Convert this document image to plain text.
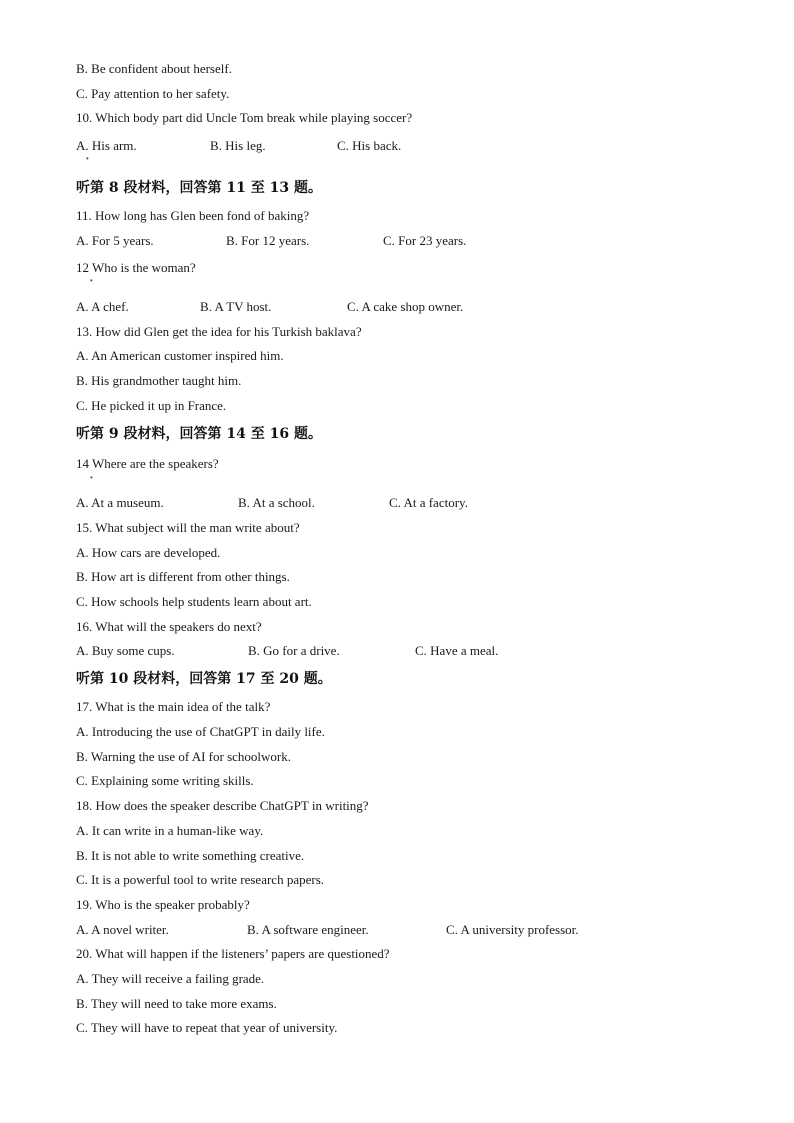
B. Be confident about herself.
C. Pay attention to her safety.
10. Which body part did Uncle Tom break while playing soccer?
A. His arm.	B. His leg.	C. His back.
•
听第 8 段材料，回答第 11 至 13 题。
11. How long has Glen been fond of baking?
A. For 5 years.	B. For 12 years.	C. For 23 years.
12 Who is the woman?
•
A. A chef.	B. A TV host.	C. A cake shop owner.
13. How did Glen get the idea for his Turkish baklava?
A. An American customer inspired him.
B. His grandmother taught him.
C. He picked it up in France.
听第 9 段材料，回答第 14 至 16 题。
14 Where are the speakers?
•
A. At a museum.	B. At a school.	C. At a factory.
15. What subject will the man write about?
A. How cars are developed.
B. How art is different from other things.
C. How schools help students learn about art.
16. What will the speakers do next?
A. Buy some cups.	B. Go for a drive.	C. Have a meal.
听第 10 段材料，回答第 17 至 20 题。
17. What is the main idea of the talk?
A. Introducing the use of ChatGPT in daily life.
B. Warning the use of AI for schoolwork.
C. Explaining some writing skills.
18. How does the speaker describe ChatGPT in writing?
A. It can write in a human-like way.
B. It is not able to write something creative.
C. It is a powerful tool to write research papers.
19. Who is the speaker probably?
A. A novel writer.	B. A software engineer.	C. A university professor.
20. What will happen if the listeners’ papers are questioned?
A. They will receive a failing grade.
B. They will need to take more exams.
C. They will have to repeat that year of university.
